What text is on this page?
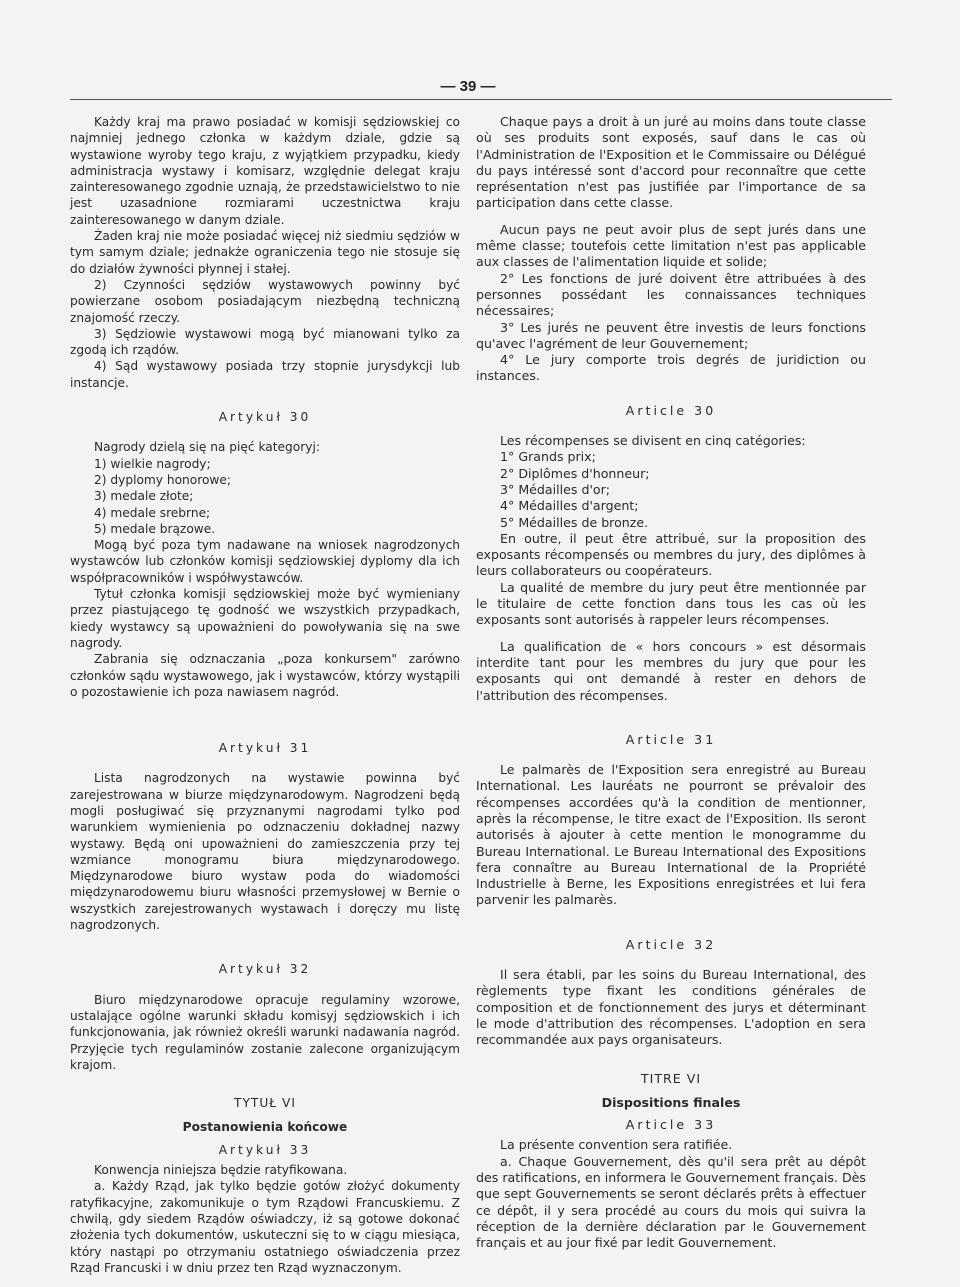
— 39 —

Każdy kraj ma prawo posiadać w komisji sędziowskiej co najmniej jednego członka w każdym dziale, gdzie są wystawione wyroby tego kraju, z wyjątkiem przypadku, kiedy administracja wystawy i komisarz, względnie delegat kraju zainteresowanego zgodnie uznają, że przedstawicielstwo to nie jest uzasadnione rozmiarami uczestnictwa kraju zainteresowanego w danym dziale.

Żaden kraj nie może posiadać więcej niż siedmiu sędziów w tym samym dziale; jednakże ograniczenia tego nie stosuje się do działów żywności płynnej i stałej.

2) Czynności sędziów wystawowych powinny być powierzane osobom posiadającym niezbędną techniczną znajomość rzeczy.

3) Sędziowie wystawowi mogą być mianowani tylko za zgodą ich rządów.

4) Sąd wystawowy posiada trzy stopnie jurysdykcji lub instancje.

Artykuł 30

Nagrody dzielą się na pięć kategoryj:

1) wielkie nagrody;

2) dyplomy honorowe;

3) medale złote;

4) medale srebrne;

5) medale brązowe.

Mogą być poza tym nadawane na wniosek nagrodzonych wystawców lub członków komisji sędziowskiej dyplomy dla ich współpracowników i współwystawców.

Tytuł członka komisji sędziowskiej może być wymieniany przez piastującego tę godność we wszystkich przypadkach, kiedy wystawcy są upoważnieni do powoływania się na swe nagrody.

Zabrania się odznaczania „poza konkursem" zarówno członków sądu wystawowego, jak i wystawców, którzy wystąpili o pozostawienie ich poza nawiasem nagród.

Artykuł 31

Lista nagrodzonych na wystawie powinna być zarejestrowana w biurze międzynarodowym. Nagrodzeni będą mogli posługiwać się przyznanymi nagrodami tylko pod warunkiem wymienienia po odznaczeniu dokładnej nazwy wystawy. Będą oni upoważnieni do zamieszczenia przy tej wzmiance monogramu biura międzynarodowego. Międzynarodowe biuro wystaw poda do wiadomości międzynarodowemu biuru własności przemysłowej w Bernie o wszystkich zarejestrowanych wystawach i doręczy mu listę nagrodzonych.

Artykuł 32

Biuro międzynarodowe opracuje regulaminy wzorowe, ustalające ogólne warunki składu komisyj sędziowskich i ich funkcjonowania, jak również określi warunki nadawania nagród. Przyjęcie tych regulaminów zostanie zalecone organizującym krajom.

TYTUŁ VI

Postanowienia końcowe

Artykuł 33

Konwencja niniejsza będzie ratyfikowana.

a. Każdy Rząd, jak tylko będzie gotów złożyć dokumenty ratyfikacyjne, zakomunikuje o tym Rządowi Francuskiemu. Z chwilą, gdy siedem Rządów oświadczy, iż są gotowe dokonać złożenia tych dokumentów, uskuteczni się to w ciągu miesiąca, który nastąpi po otrzymaniu ostatniego oświadczenia przez Rząd Francuski i w dniu przez ten Rząd wyznaczonym.

Chaque pays a droit à un juré au moins dans toute classe où ses produits sont exposés, sauf dans le cas où l'Administration de l'Exposition et le Commissaire ou Délégué du pays intéressé sont d'accord pour reconnaître que cette représentation n'est pas justifiée par l'importance de sa participation dans cette classe.

Aucun pays ne peut avoir plus de sept jurés dans une même classe; toutefois cette limitation n'est pas applicable aux classes de l'alimentation liquide et solide;

2° Les fonctions de juré doivent être attribuées à des personnes possédant les connaissances techniques nécessaires;

3° Les jurés ne peuvent être investis de leurs fonctions qu'avec l'agrément de leur Gouvernement;

4° Le jury comporte trois degrés de juridiction ou instances.

Article 30

Les récompenses se divisent en cinq catégories:

1° Grands prix;

2° Diplômes d'honneur;

3° Médailles d'or;

4° Médailles d'argent;

5° Médailles de bronze.

En outre, il peut être attribué, sur la proposition des exposants récompensés ou membres du jury, des diplômes à leurs collaborateurs ou coopérateurs.

La qualité de membre du jury peut être mentionnée par le titulaire de cette fonction dans tous les cas où les exposants sont autorisés à rappeler leurs récompenses.

La qualification de « hors concours » est désormais interdite tant pour les membres du jury que pour les exposants qui ont demandé à rester en dehors de l'attribution des récompenses.

Article 31

Le palmarès de l'Exposition sera enregistré au Bureau International. Les lauréats ne pourront se prévaloir des récompenses accordées qu'à la condition de mentionner, après la récompense, le titre exact de l'Exposition. Ils seront autorisés à ajouter à cette mention le monogramme du Bureau International. Le Bureau International des Expositions fera connaître au Bureau International de la Propriété Industrielle à Berne, les Expositions enregistrées et lui fera parvenir les palmarès.

Article 32

Il sera établi, par les soins du Bureau International, des règlements type fixant les conditions générales de composition et de fonctionnement des jurys et déterminant le mode d'attribution des récompenses. L'adoption en sera recommandée aux pays organisateurs.

TITRE VI

Dispositions finales

Article 33

La présente convention sera ratifiée.

a. Chaque Gouvernement, dès qu'il sera prêt au dépôt des ratifications, en informera le Gouvernement français. Dès que sept Gouvernements se seront déclarés prêts à effectuer ce dépôt, il y sera procédé au cours du mois qui suivra la réception de la dernière déclaration par le Gouvernement français et au jour fixé par ledit Gouvernement.
